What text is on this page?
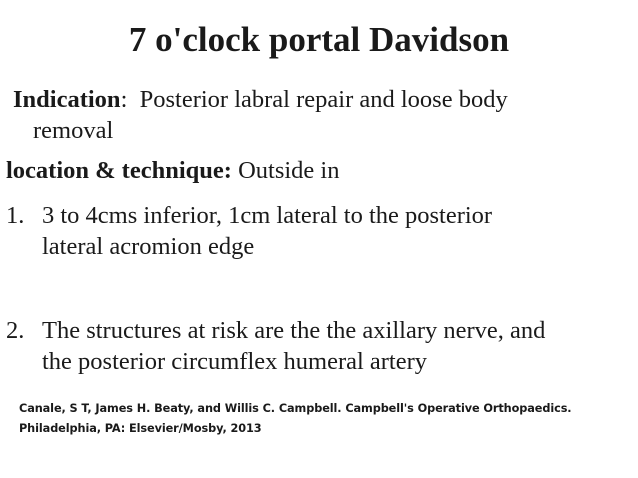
7 o'clock portal Davidson
Indication:  Posterior labral repair and loose body
removal
location & technique: Outside in
1. 3 to 4cms inferior, 1cm lateral to the posterior
lateral acromion edge
2. The structures at risk are the the axillary nerve, and
the posterior circumflex humeral artery
Canale, S T, James H. Beaty, and Willis C. Campbell. Campbell's Operative Orthopaedics.
Philadelphia, PA: Elsevier/Mosby, 2013
